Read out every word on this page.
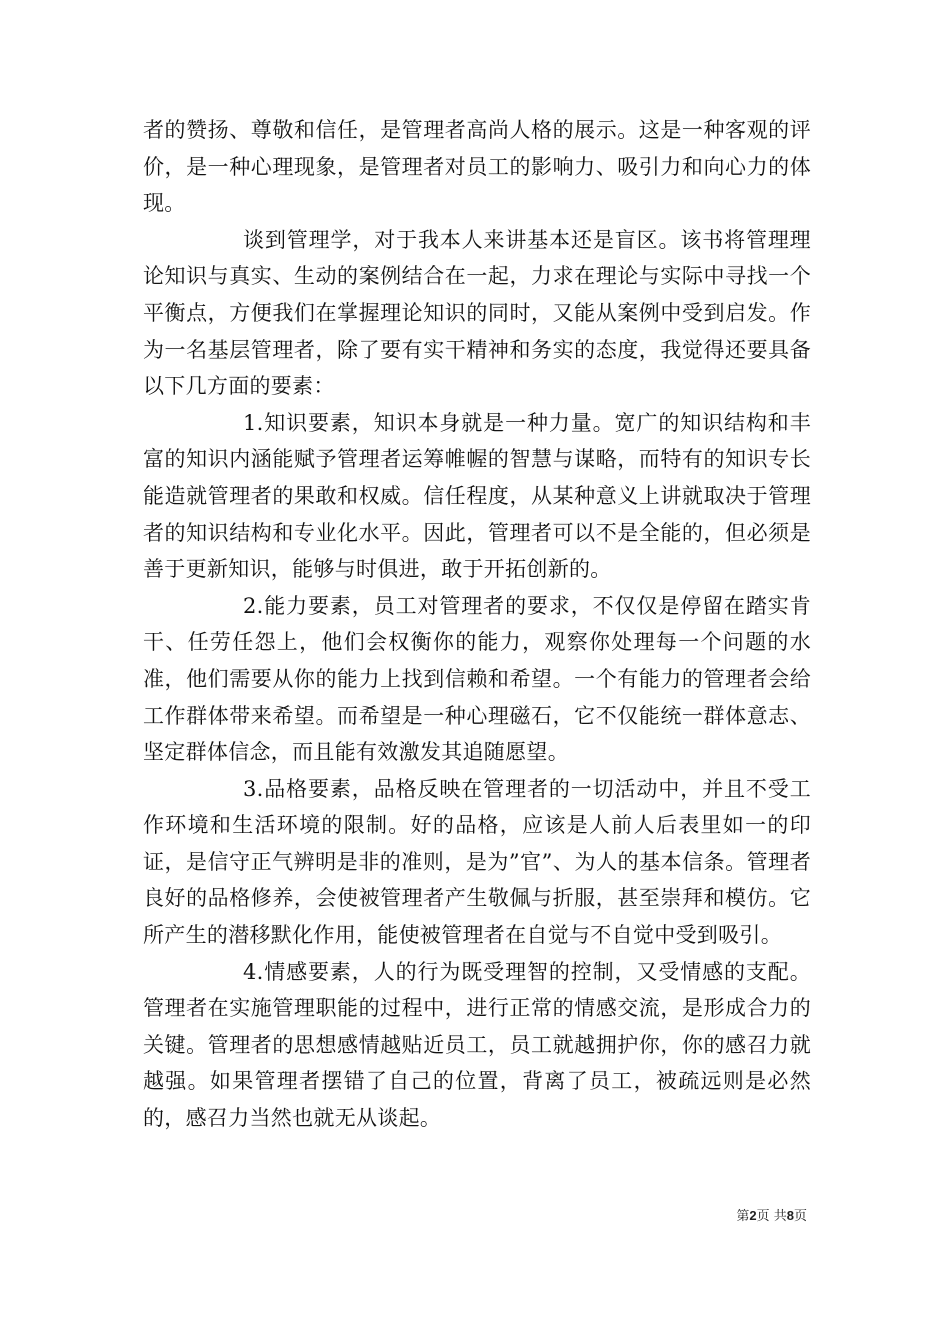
者的赞扬、尊敬和信任，是管理者高尚人格的展示。这是一种客观的评价，是一种心理现象，是管理者对员工的影响力、吸引力和向心力的体现。

谈到管理学，对于我本人来讲基本还是盲区。该书将管理理论知识与真实、生动的案例结合在一起，力求在理论与实际中寻找一个平衡点，方便我们在掌握理论知识的同时，又能从案例中受到启发。作为一名基层管理者，除了要有实干精神和务实的态度，我觉得还要具备以下几方面的要素：

1.知识要素，知识本身就是一种力量。宽广的知识结构和丰富的知识内涵能赋予管理者运筹帷幄的智慧与谋略，而特有的知识专长能造就管理者的果敢和权威。信任程度，从某种意义上讲就取决于管理者的知识结构和专业化水平。因此，管理者可以不是全能的，但必须是善于更新知识，能够与时俱进，敢于开拓创新的。

2.能力要素，员工对管理者的要求，不仅仅是停留在踏实肯干、任劳任怨上，他们会权衡你的能力，观察你处理每一个问题的水准，他们需要从你的能力上找到信赖和希望。一个有能力的管理者会给工作群体带来希望。而希望是一种心理磁石，它不仅能统一群体意志、坚定群体信念，而且能有效激发其追随愿望。

3.品格要素，品格反映在管理者的一切活动中，并且不受工作环境和生活环境的限制。好的品格，应该是人前人后表里如一的印证，是信守正气辨明是非的准则，是为”官”、为人的基本信条。管理者良好的品格修养，会使被管理者产生敬佩与折服，甚至崇拜和模仿。它所产生的潜移默化作用，能使被管理者在自觉与不自觉中受到吸引。

4.情感要素，人的行为既受理智的控制，又受情感的支配。管理者在实施管理职能的过程中，进行正常的情感交流，是形成合力的关键。管理者的思想感情越贴近员工，员工就越拥护你，你的感召力就越强。如果管理者摆错了自己的位置，背离了员工，被疏远则是必然的，感召力当然也就无从谈起。

第2页 共8页
